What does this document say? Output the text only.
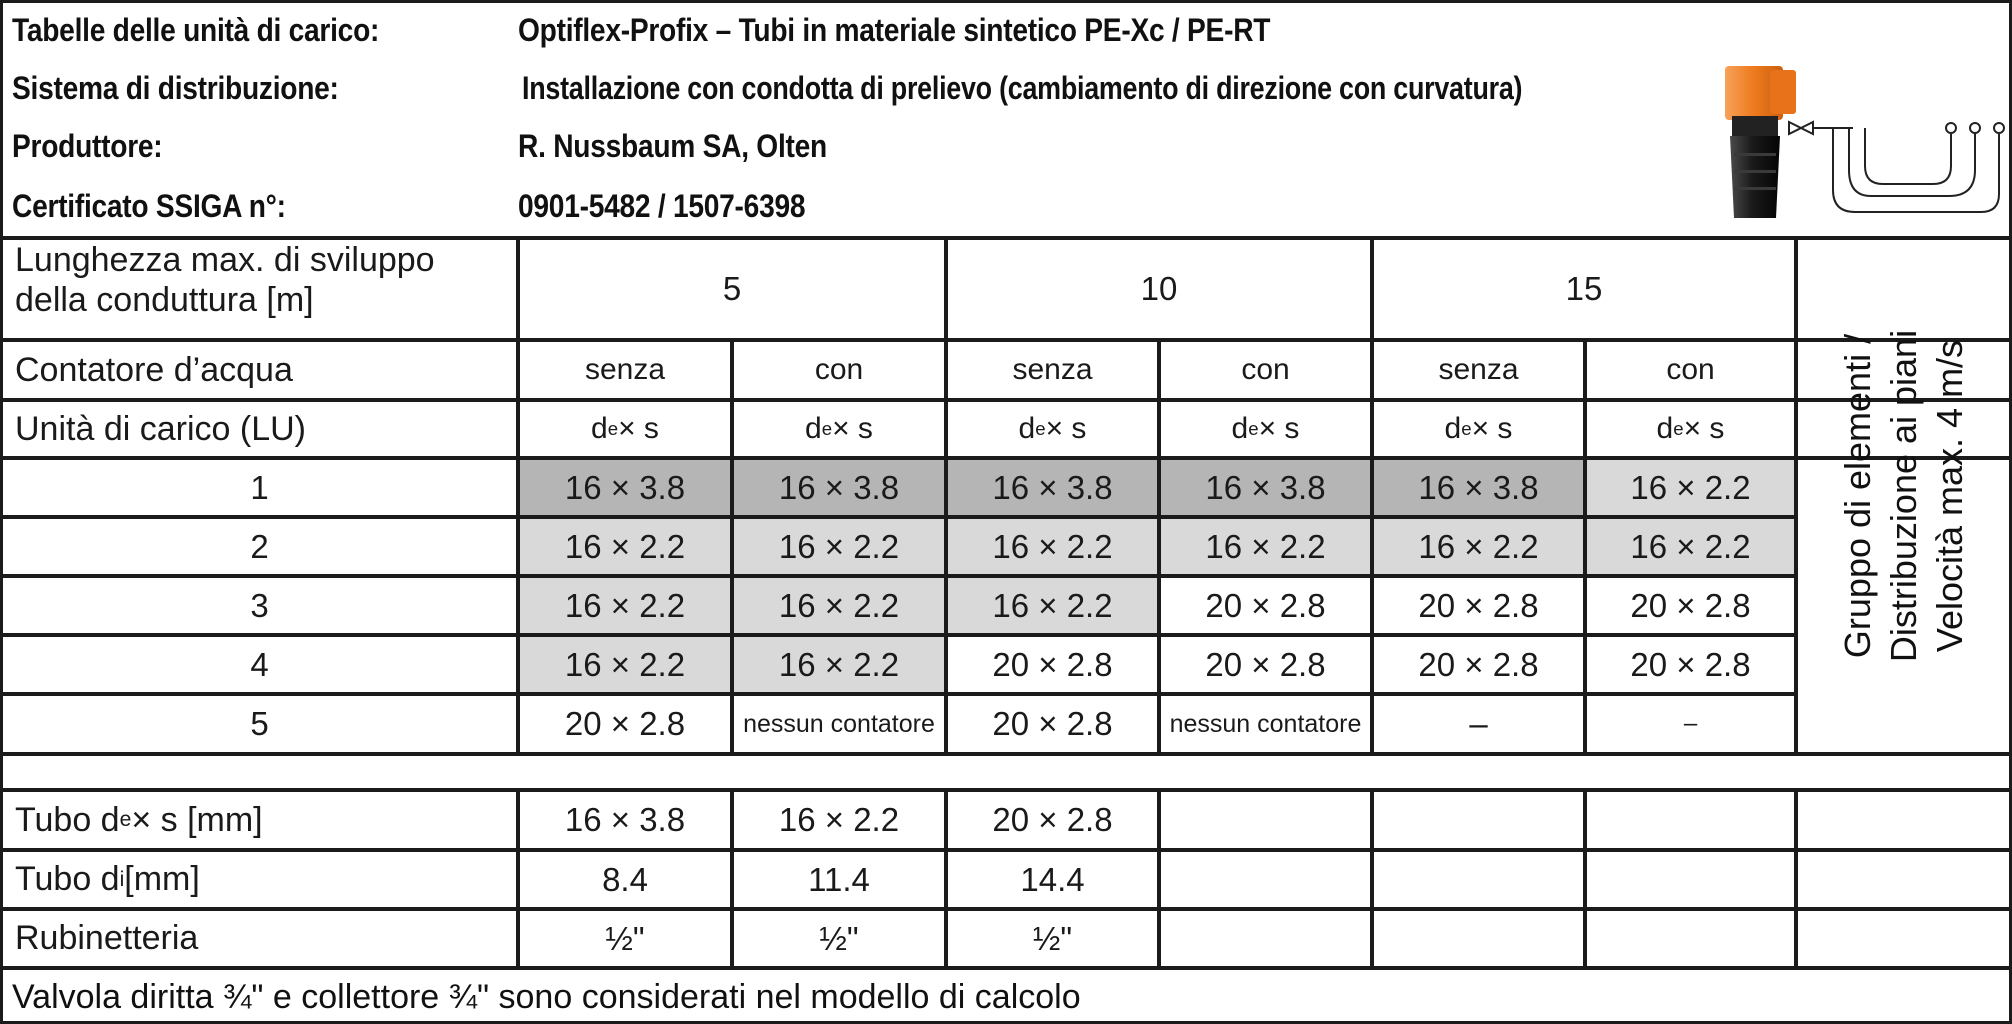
Tabelle delle unità di carico:	Optiflex-Profix – Tubi in materiale sintetico PE-Xc / PE-RT
Sistema di distribuzione:	Installazione con condotta di prelievo (cambiamento di direzione con curvatura)
Produttore:	R. Nussbaum SA, Olten
Certificato SSIGA n°:	0901-5482 / 1507-6398
Lunghezza max. di sviluppo
della conduttura [m]	5	10	15
Contatore d’acqua	senza	con	senza	con	senza	con
Unità di carico (LU)	d e × s	d e × s	d e × s	d e × s	d e × s	d e × s
1	16 × 3.8	16 × 3.8	16 × 3.8	16 × 3.8	16 × 3.8	16 × 2.2
2	16 × 2.2	16 × 2.2	16 × 2.2	16 × 2.2	16 × 2.2	16 × 2.2
3	16 × 2.2	16 × 2.2	16 × 2.2	20 × 2.8	20 × 2.8	20 × 2.8
4	16 × 2.2	16 × 2.2	20 × 2.8	20 × 2.8	20 × 2.8	20 × 2.8
5	20 × 2.8	nessun contatore	20 × 2.8	nessun contatore	–	–
Gruppo di elementi / Distribuzione ai piani Velocità max. 4 m/s
Tubo d e × s [mm]	16 × 3.8	16 × 2.2	20 × 2.8
Tubo d i [mm]	8.4	11.4	14.4
Rubinetteria	½"	½"	½"
Valvola diritta ¾" e collettore ¾" sono considerati nel modello di calcolo
